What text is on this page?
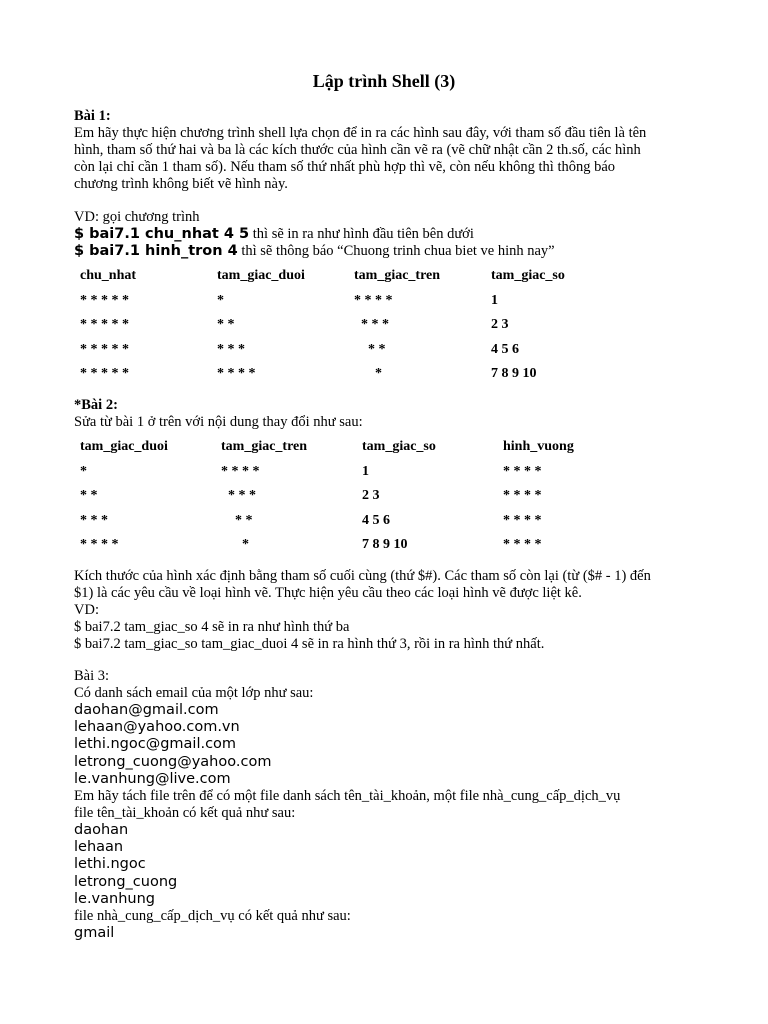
Lập trình Shell (3)
Bài 1:
Em hãy thực hiện chương trình shell lựa chọn để in ra các hình sau đây, với tham số đầu tiên là tên
hình, tham số thứ hai và ba là các kích thước của hình cần vẽ ra (vẽ chữ nhật cần 2 th.số, các hình
còn lại chỉ cần 1 tham số). Nếu tham số thứ nhất phù hợp thì vẽ, còn nếu không thì thông báo
chương trình không biết vẽ hình này.
VD: gọi chương trình
$ bai7.1 chu_nhat 4 5 thì sẽ in ra như hình đầu tiên bên dưới
$ bai7.1 hinh_tron 4 thì sẽ thông báo “Chuong trinh chua biet ve hinh nay”
chu_nhat	tam_giac_duoi	tam_giac_tren	tam_giac_so
* * * * *	*	* * * *	1
* * * * *	* *	* * *	2 3
* * * * *	* * *	* *	4 5 6
* * * * *	* * * *	*	7 8 9 10
*Bài 2:
Sửa từ bài 1 ở trên với nội dung thay đổi như sau:
tam_giac_duoi	tam_giac_tren	tam_giac_so	hinh_vuong
*	* * * *	1	* * * *
* *	* * *	2 3	* * * *
* * *	* *	4 5 6	* * * *
* * * *	*	7 8 9 10	* * * *
Kích thước của hình xác định bằng tham số cuối cùng (thứ $#). Các tham số còn lại (từ ($# - 1) đến
$1) là các yêu cầu về loại hình vẽ. Thực hiện yêu cầu theo các loại hình vẽ được liệt kê.
VD:
$ bai7.2 tam_giac_so 4 sẽ in ra như hình thứ ba
$ bai7.2 tam_giac_so tam_giac_duoi 4 sẽ in ra hình thứ 3, rồi in ra hình thứ nhất.
Bài 3:
Có danh sách email của một lớp như sau:
daohan@gmail.com
lehaan@yahoo.com.vn
lethi.ngoc@gmail.com
letrong_cuong@yahoo.com
le.vanhung@live.com
Em hãy tách file trên để có một file danh sách tên_tài_khoản, một file nhà_cung_cấp_dịch_vụ
file tên_tài_khoản có kết quả như sau:
daohan
lehaan
lethi.ngoc
letrong_cuong
le.vanhung
file nhà_cung_cấp_dịch_vụ có kết quả như sau:
gmail
